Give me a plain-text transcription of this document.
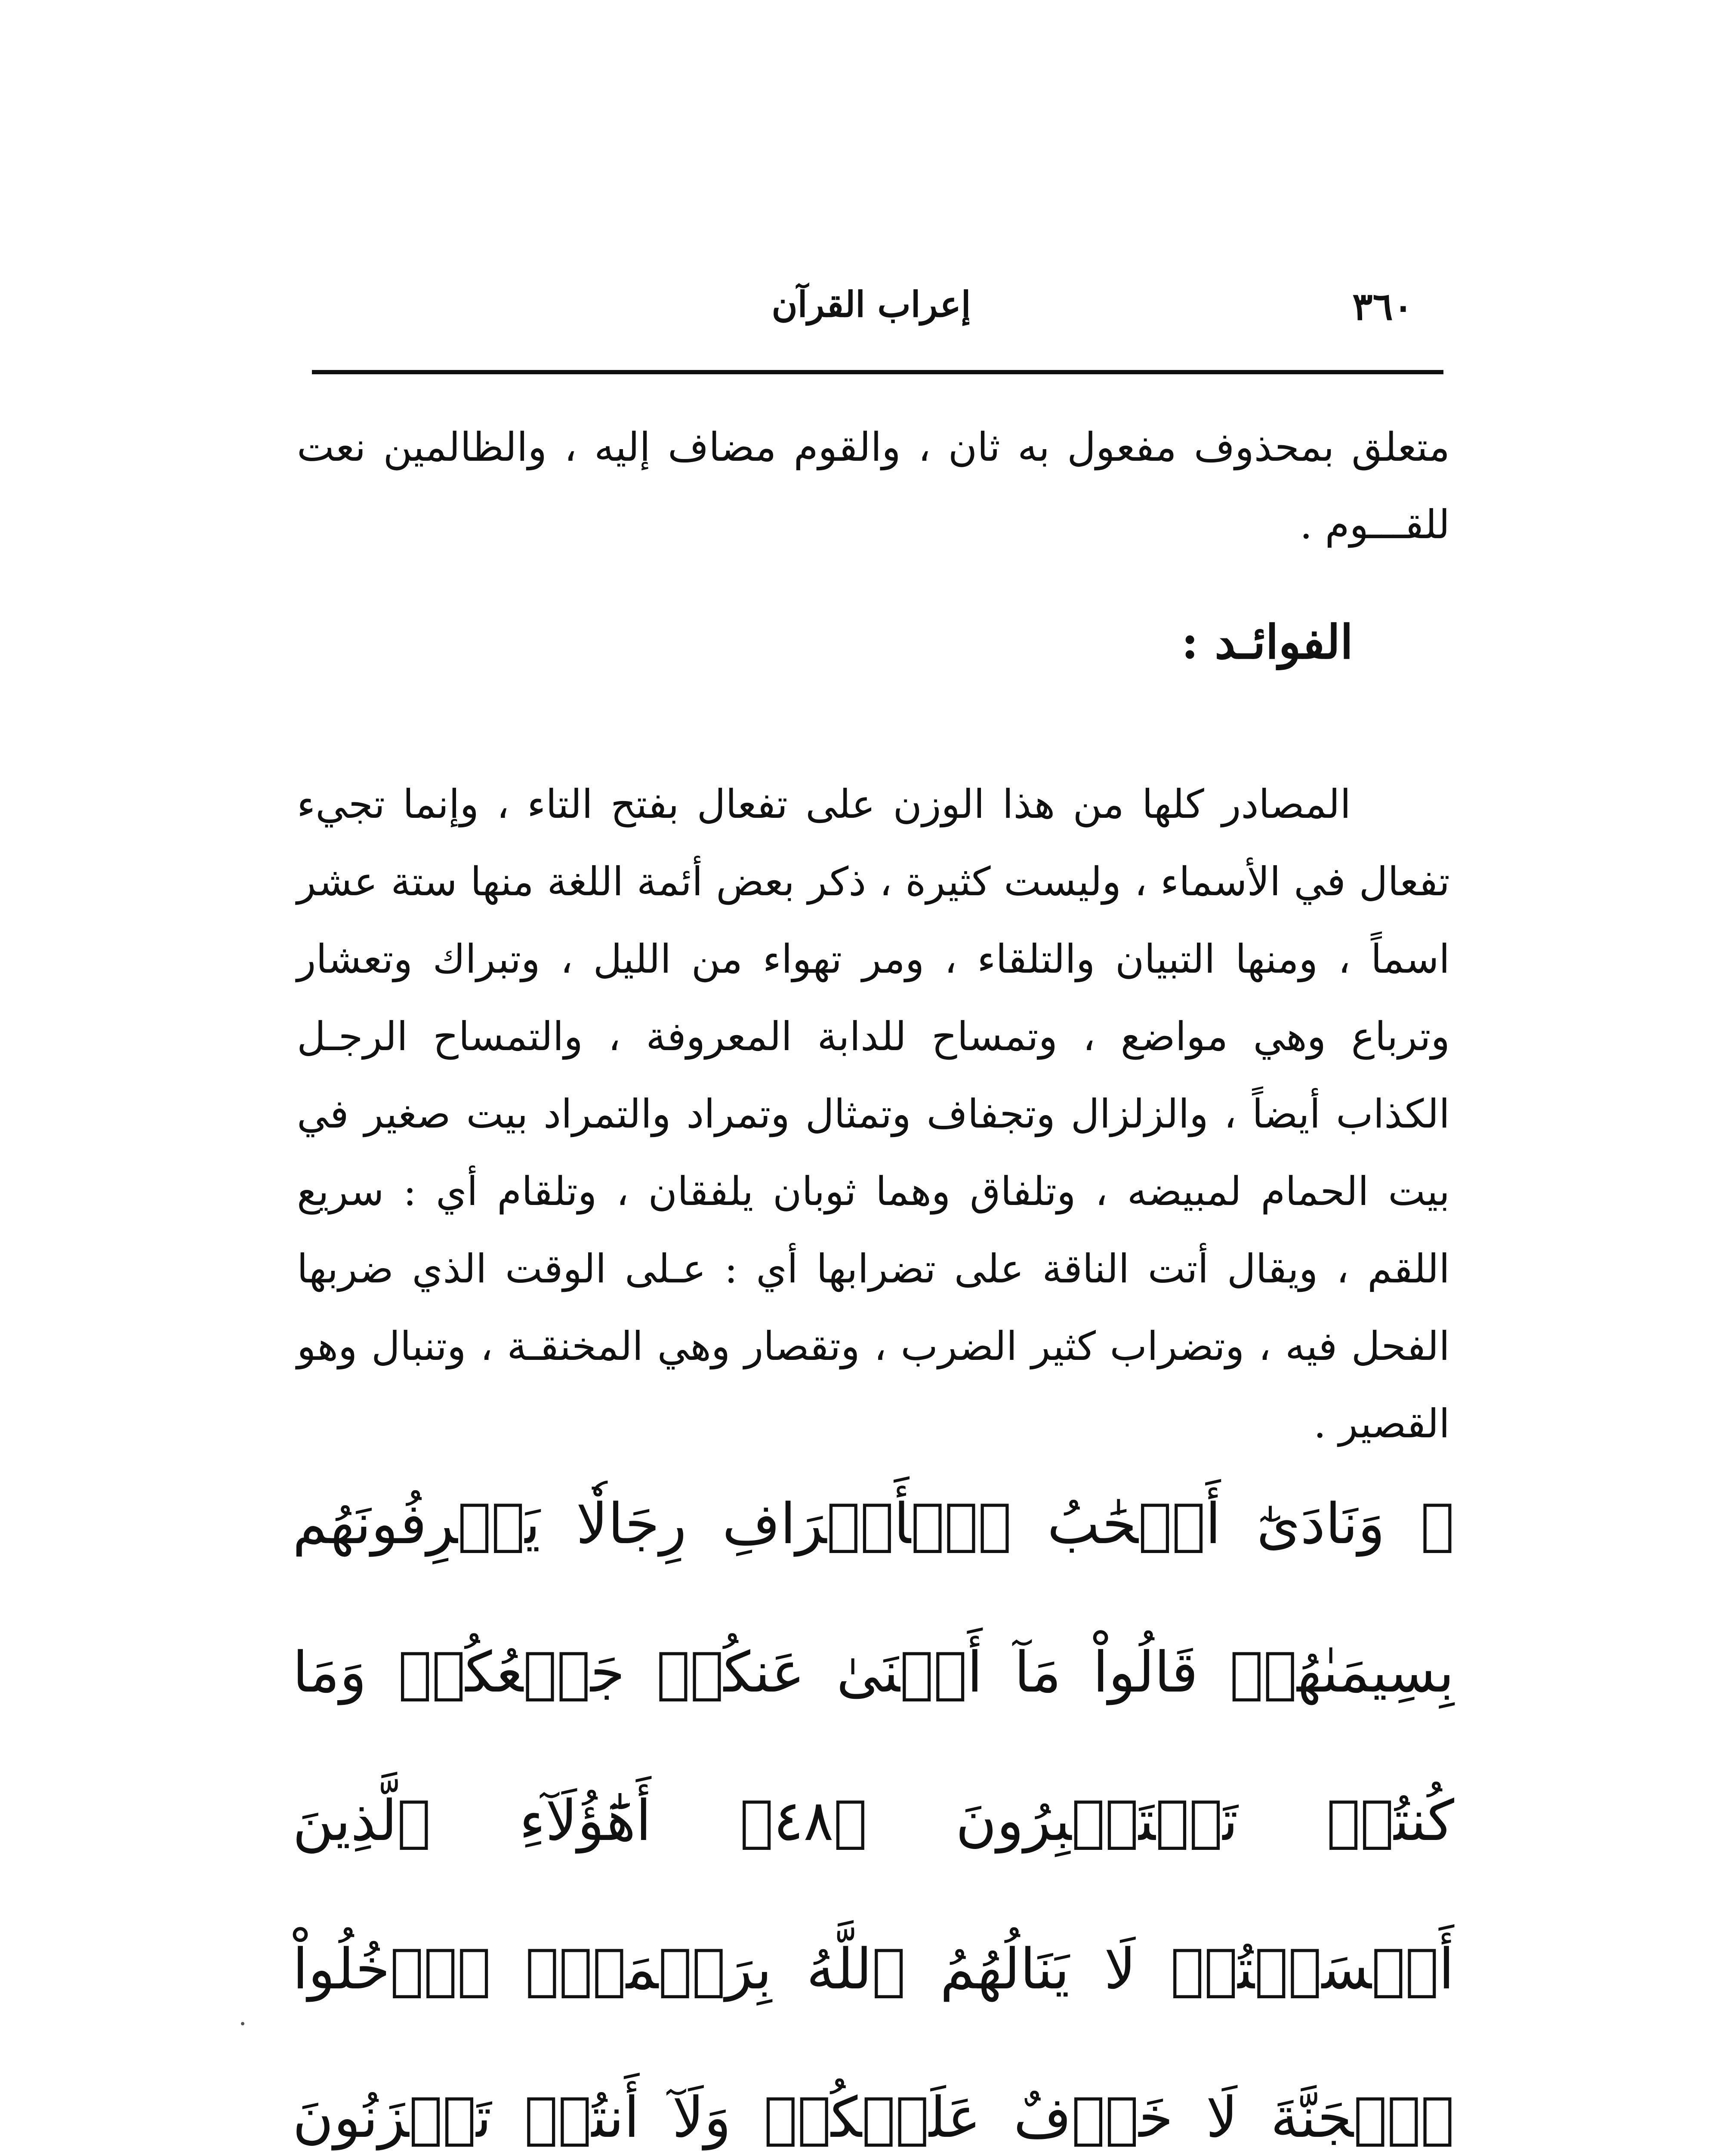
٣٦٠
إعراب القرآن

متعلق بمحذوف مفعول به ثان ، والقوم مضاف إليه ، والظالمين نعت للقـــوم .

الفوائـد :

المصادر كلها من هذا الوزن على تفعال بفتح التاء ، وإنما تجيء تفعال في الأسماء ، وليست كثيرة ، ذكر بعض أئمة اللغة منها ستة عشر اسماً ، ومنها التبيان والتلقاء ، ومر تهواء من الليل ، وتبراك وتعشار وترباع وهي مواضع ، وتمساح للدابة المعروفة ، والتمساح الرجـل الكذاب أيضاً ، والزلزال وتجفاف وتمثال وتمراد والتمراد بيت صغير في بيت الحمام لمبيضه ، وتلفاق وهما ثوبان يلفقان ، وتلقام أي : سريع اللقم ، ويقال أتت الناقة على تضرابها أي : عـلى الوقت الذي ضربها الفحل فيه ، وتضراب كثير الضرب ، وتقصار وهي المخنقـة ، وتنبال وهو القصير .

﴿ وَنَادَىٰٓ أَصۡحَٰبُ ٱلۡأَعۡرَافِ رِجَالٗا يَعۡرِفُونَهُم بِسِيمَىٰهُمۡ قَالُواْ مَآ أَغۡنَىٰ عَنكُمۡ جَمۡعُكُمۡ وَمَا كُنتُمۡ تَسۡتَكۡبِرُونَ ﴿٤٨﴾ أَهَٰٓؤُلَآءِ ٱلَّذِينَ أَقۡسَمۡتُمۡ لَا يَنَالُهُمُ ٱللَّهُ بِرَحۡمَةٍۚ ٱدۡخُلُواْ ٱلۡجَنَّةَ لَا خَوۡفٌ عَلَيۡكُمۡ وَلَآ أَنتُمۡ تَحۡزَنُونَ
